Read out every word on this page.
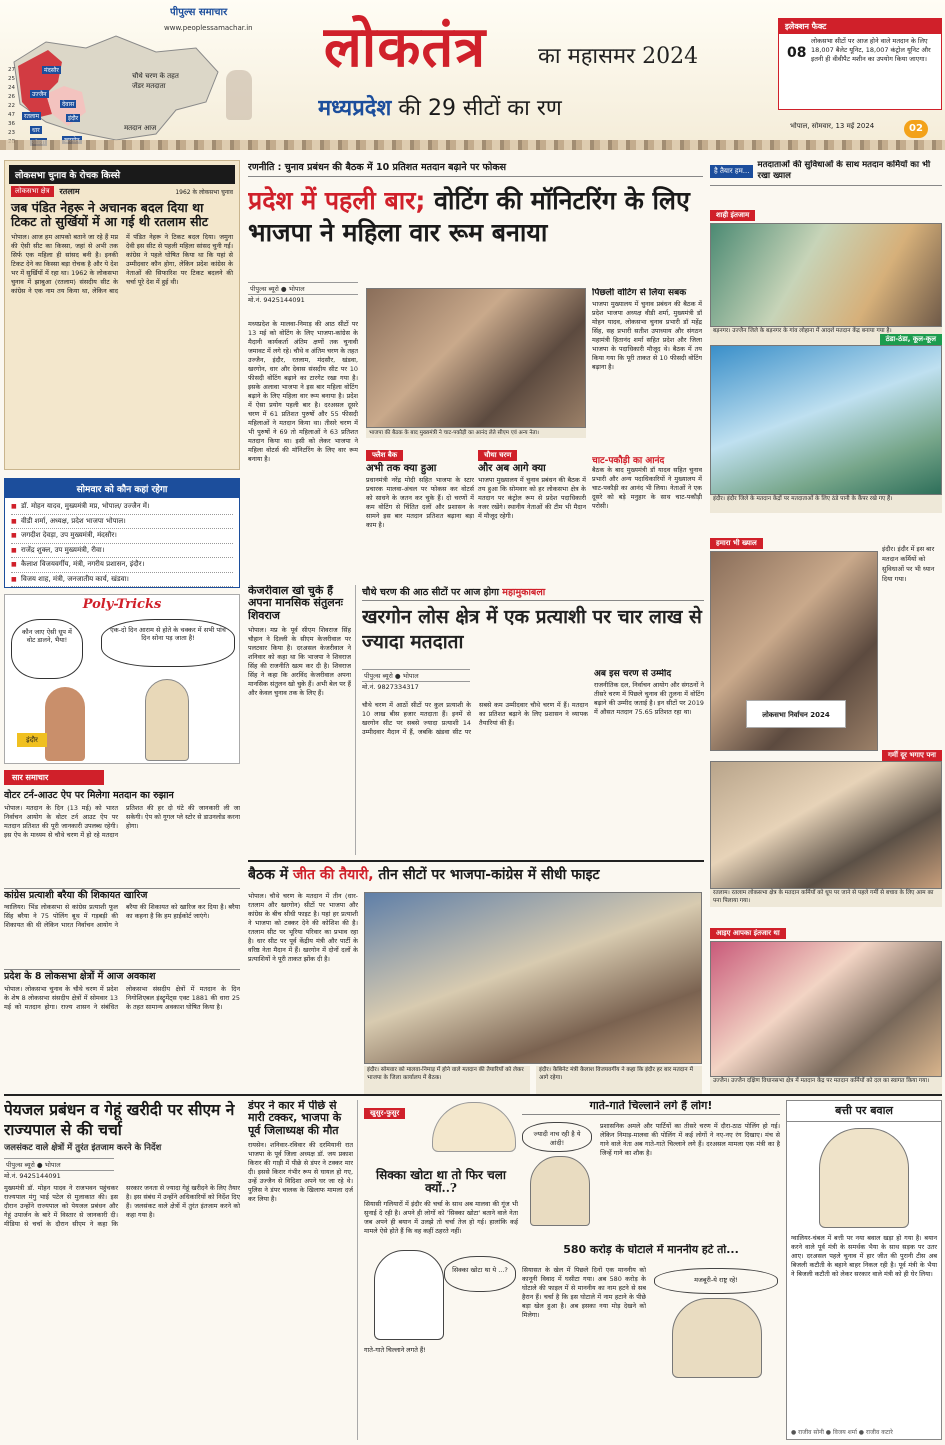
मंदसौर
उज्जैन
देवास
रतलाम	इंदौर
धार
27
25
24
26
22
47
36
23
चौथे चरण के तहत
जेंडर मतदाता
मतदान आज
पीपुल्स समाचार
www.peoplessamachar.in	लोकतंत्र	का महासमर 2024
मध्यप्रदेश की 29 सीटों का रण
इलेक्शन फैक्ट
08
लोकसभा सीटों पर आज होने वाले मतदान के लिए 18,007 बैलेट यूनिट, 18,007 कंट्रोल यूनिट और इतनी ही वीवीपैट मशीन का उपयोग किया जाएगा।
भोपाल, सोमवार, 13 मई 2024	02
लोकसभा चुनाव के रोचक किस्से
लोकसभा क्षेत्र	रतलाम	1962 के लोकसभा चुनाव
जब पंडित नेहरू ने अचानक बदल दिया था टिकट तो सुर्खियों में आ गई थी रतलाम सीट
भोपाल। आज हम आपको बताने जा रहे हैं मप्र की ऐसी सीट का किस्सा, जहां से अभी तक सिर्फ एक महिला ही सांसद बनी है। इनकी टिकट देने का किस्सा बड़ा रोचक है और ये देश भर में सुर्खियों में रहा था। 1962 के लोकसभा चुनाव में झाबुआ (रतलाम) संसदीय सीट के कांग्रेस ने एक नाम तय किया था, लेकिन बाद में पंडित नेहरू ने टिकट बदल दिया। जमुना देवी इस सीट से पहली महिला सांसद चुनी गईं। कांग्रेस ने पहले घोषित किया था कि यहां से उम्मीदवार कौन होगा, लेकिन प्रदेश कांग्रेस के नेताओं की सिफारिश पर टिकट बदलने की चर्चा पूरे देश में हुई थी।
सोमवार को कौन कहां रहेगा
■ डॉ. मोहन यादव, मुख्यमंत्री मप्र, भोपाल/ उज्जैन में।
■ वीडी शर्मा, अध्यक्ष, प्रदेश भाजपा भोपाल।
■ जगदीश देवड़ा, उप मुख्यमंत्री, मंदसौर।
■ राजेंद्र शुक्ल, उप मुख्यमंत्री, रीवा।
■ कैलाश विजयवर्गीय, मंत्री, नगरीय प्रशासन, इंदौर।
■ विजय शाह, मंत्री, जनजातीय कार्य, खंडवा।
Poly-Tricks
कौन जाए ऐसी धूप में वोट डालने, भैया!
एक-दो दिन आराम से होते के चक्कर में सभी पांच दिन सोना पड़ जाता है!
इंदौर
सार समाचार
वोटर टर्न-आउट ऐप पर मिलेगा मतदान का रुझान
भोपाल। मतदान के दिन (13 मई) को भारत निर्वाचन आयोग के वोटर टर्न आउट ऐप पर मतदान प्रतिशत की पूरी जानकारी उपलब्ध रहेगी। इस ऐप के माध्यम से चौथे चरण में हो रहे मतदान प्रतिशत की हर दो घंटे की जानकारी ली जा सकेगी। ऐप को गूगल प्ले स्टोर से डाउनलोड करना होगा।
कांग्रेस प्रत्याशी बरैया की शिकायत खारिज
ग्वालियर। भिंड लोकसभा से कांग्रेस प्रत्याशी फूल सिंह बरैया ने 75 पोलिंग बूथ में गड़बड़ी की शिकायत की थी लेकिन भारत निर्वाचन आयोग ने बरैया की शिकायत को खारिज कर दिया है। बरैया का कहना है कि हम हाईकोर्ट जाएंगे।
प्रदेश के 8 लोकसभा क्षेत्रों में आज अवकाश
भोपाल। लोकसभा चुनाव के चौथे चरण में प्रदेश के शेष 8 लोकसभा संसदीय क्षेत्रों में सोमवार 13 मई को मतदान होगा। राज्य शासन ने संबंधित लोकसभा संसदीय क्षेत्रों में मतदान के दिन निगोशिएबल इंस्ट्रूमेंट्स एक्ट 1881 की धारा 25 के तहत सामान्य अवकाश घोषित किया है।
रणनीति : चुनाव प्रबंधन की बैठक में 10 प्रतिशत मतदान बढ़ाने पर फोकस
प्रदेश में पहली बार; वोटिंग की मॉनिटरिंग के लिए भाजपा ने महिला वार रूम बनाया
पीपुल्स ब्यूरो ● भोपाल
मो.नं. 9425144091
मध्यप्रदेश के मालवा-निमाड़ की आठ सीटों पर 13 मई को वोटिंग के लिए भाजपा-कांग्रेस के मैदानी कार्यकर्ता अंतिम क्षणों तक चुनावी जमावट में लगे रहे। चौथे व अंतिम चरण के तहत उज्जैन, इंदौर, रतलाम, मंदसौर, खंडवा, खरगोन, धार और देवास संसदीय सीट पर 10 फीसदी वोटिंग बढ़ाने का टारगेट रखा गया है। इसके अलावा भाजपा ने इस बार महिला वोटिंग बढ़ाने के लिए महिला वार रूम बनाया है। प्रदेश में ऐसा प्रयोग पहली बार है। दरअसल दूसरे चरण में 61 प्रतिशत पुरुषों और 55 फीसदी महिलाओं ने मतदान किया था। तीसरे चरण में भी पुरुषों ने 69 तो महिलाओं ने 63 प्रतिशत मतदान किया था। इसी को लेकर भाजपा ने महिला वोटर्स की मॉनिटरिंग के लिए वार रूम बनाया है।
भाजपा की बैठक के बाद मुख्यमंत्री ने चाट-पकौड़ी का आनंद लेते सीएम एवं अन्य नेता।
फ्लैश बैक
अभी तक क्या हुआ
प्रधानमंत्री नरेंद्र मोदी सहित भाजपा के स्टार प्रचारक मालवा-अंचल पर फोकस कर वोटर्स को साधने के जतन कर चुके हैं। दो चरणों में कम वोटिंग से चिंतित दलों और प्रशासन के सामने इस बार मतदान प्रतिशत बढ़ाना बड़ा काम है।
चौथा चरण
और अब आगे क्या
भाजपा मुख्यालय में चुनाव प्रबंधन की बैठक में तय हुआ कि सोमवार को हर लोकसभा क्षेत्र के मतदान पर कंट्रोल रूम से प्रदेश पदाधिकारी नजर रखेंगे। स्थानीय नेताओं की टीम भी मैदान में मौजूद रहेगी।
पिछली वोटिंग से लिया सबक
भाजपा मुख्यालय में चुनाव प्रबंधन की बैठक में प्रदेश भाजपा अध्यक्ष वीडी शर्मा, मुख्यमंत्री डॉ मोहन यादव, लोकसभा चुनाव प्रभारी डॉ महेंद्र सिंह, सह प्रभारी सतीश उपाध्याय और संगठन महामंत्री हितानंद शर्मा सहित प्रदेश और जिला भाजपा के पदाधिकारी मौजूद थे। बैठक में तय किया गया कि पूरी ताकत से 10 फीसदी वोटिंग बढ़ाना है।
चाट-पकौड़ी का आनंद
बैठक के बाद मुख्यमंत्री डॉ यादव सहित चुनाव प्रभारी और अन्य पदाधिकारियों ने मुख्यालय में चाट-पकौड़ी का आनंद भी लिया। नेताओं ने एक दूसरे को बड़े मनुहार के साथ चाट-पकौड़ी परोसी।
केजरीवाल खो चुके हैं अपना मानसिक संतुलनः शिवराज
भोपाल। मप्र के पूर्व सीएम शिवराज सिंह चौहान ने दिल्ली के सीएम केजरीवाल पर पलटवार किया है। दरअसल केजरीवाल ने शनिवार को कहा था कि भाजपा ने शिवराज सिंह की राजनीति खत्म कर दी है। शिवराज सिंह ने कहा कि अरविंद केजरीवाल अपना मानसिक संतुलन खो चुके हैं। अभी बेल पर हैं और केवल चुनाव तक के लिए हैं।
चौथे चरण की आठ सीटों पर आज होगा महामुकाबला
खरगोन लोस क्षेत्र में एक प्रत्याशी पर चार लाख से ज्यादा मतदाता
पीपुल्स ब्यूरो ● भोपाल
मो.नं. 9827334317
चौथे चरण में आठों सीटों पर कुल प्रत्याशी के 10 लाख बीस हजार मतदाता हैं। इनमें से खरगोन सीट पर सबसे ज्यादा प्रत्याशी 14 उम्मीदवार मैदान में हैं, जबकि खंडवा सीट पर सबसे कम उम्मीदवार चौथे चरण में हैं। मतदान का प्रतिशत बढ़ाने के लिए प्रशासन ने व्यापक तैयारियां की हैं।
अब इस चरण से उम्मीद
राजनीतिक दल, निर्वाचन आयोग और संगठनों ने तीसरे चरण में पिछले चुनाव की तुलना में वोटिंग बढ़ाने की उम्मीद जताई है। इन सीटों पर 2019 में औसत मतदान 75.65 प्रतिशत रहा था।
बैठक में जीत की तैयारी, तीन सीटों पर भाजपा-कांग्रेस में सीधी फाइट
भोपाल। चौथे चरण के मतदान में तीन (धार-रतलाम और खरगोन) सीटों पर भाजपा और कांग्रेस के बीच सीधी फाइट है। यहां हर प्रत्याशी ने भाजपा को टक्कर देने की कोशिश की है। रतलाम सीट पर भूरिया परिवार का प्रभाव रहा है। धार सीट पर पूर्व केंद्रीय मंत्री और पार्टी के वरिष्ठ नेता मैदान में हैं। खरगोन में दोनों दलों के प्रत्याशियों ने पूरी ताकत झोंक दी है।
इंदौर। सोमवार को मालवा-निमाड़ में होने वाले मतदान की तैयारियों को लेकर भाजपा के जिला कार्यालय में बैठक।
इंदौर। कैबिनेट मंत्री कैलाश विजयवर्गीय ने कहा कि इंदौर हर बार मतदान में आगे रहेगा।
है तैयार हम...
मतदाताओं की सुविधाओं के साथ मतदान कर्मियों का भी रखा ख्याल
शाही इंतजाम
बड़नगर। उज्जैन जिले के बड़नगर के गांव लोहाना में आदर्श मतदान केंद्र बनाया गया है।
ठंडा-ठंडा, कूल-कूल
इंदौर। इंदौर जिले के मतदान केंद्रों पर मतदाताओं के लिए ठंडे पानी के कैंपर रखे गए हैं।
हमारा भी ख्याल
इंदौर। इंदौर में इस बार मतदान कर्मियों को सुविधाओं पर भी ध्यान दिया गया।
लोकसभा निर्वाचन 2024
गर्मी दूर भगाए पना
रतलाम। रतलाम लोकसभा क्षेत्र के मतदान कर्मियों को धूप पर जाने से पहले गर्मी से बचाव के लिए आम का पना पिलाया गया।
आइए आपका इंतजार था
उज्जैन। उज्जैन दक्षिण विधानसभा क्षेत्र में मतदान केंद्र पर मतदान कर्मियों को दल का स्वागत किया गया।
पेयजल प्रबंधन व गेहूं खरीदी पर सीएम ने राज्यपाल से की चर्चा
जलसंकट वाले क्षेत्रों में तुरंत इंतजाम करने के निर्देश
पीपुल्स ब्यूरो ● भोपाल
मो.नं. 9425144091
मुख्यमंत्री डॉ. मोहन यादव ने राजभवन पहुंचकर राज्यपाल मंगु भाई पटेल से मुलाकात की। इस दौरान उन्होंने राज्यपाल को पेयजल प्रबंधन और गेहूं उपार्जन के बारे में विस्तार से जानकारी दी। मीडिया से चर्चा के दौरान सीएम ने कहा कि सरकार जनता से ज्यादा गेहूं खरीदने के लिए तैयार है। इस संबंध में उन्होंने अधिकारियों को निर्देश दिए हैं। जलसंकट वाले क्षेत्रों में तुरंत इंतजाम करने को कहा गया है।
डंपर ने कार में पीछे से मारी टक्कर, भाजपा के पूर्व जिलाध्यक्ष की मौत
रायसेन। शनिवार-रविवार की दरमियानी रात भाजपा के पूर्व जिला अध्यक्ष डॉ. जय प्रकाश किरार की गाड़ी में पीछे से डंपर ने टक्कर मार दी। इससे किरार गंभीर रूप से घायल हो गए, उन्हें उज्जैन से विदिशा अपने घर जा रहे थे। पुलिस ने डंपर चालक के खिलाफ मामला दर्ज कर लिया है।
खुसुर-फुसुर
सिक्का खोटा था तो फिर चला क्यों..?
सियासी गलियारों में इंदौर की चर्चा के साथ अब मालवा की गूंज भी सुनाई दे रही है। अपने ही लोगों को 'सिक्का खोटा' बताने वाले नेता जब अपने ही बयान में उलझे तो चर्चा तेज हो गई। हालांकि कई मामले ऐसे होते हैं कि वह कहीं ठहरते नहीं।
सिक्का खोटा था ये ...?
गाते-गाते चिल्लाने लगते हैं!
गाते-गाते चिल्लाने लगे हैं लोग!
ज्यादी नाच रही है ये आंदी!
प्रशासनिक अमले और पार्टियों का तीसरे चरण में दौरा-ठाठ पोलिंग हो गई। लेकिन निमाड़-मालवा की पोलिंग में कई लोगों ने नए-नए रंग दिखाए। मंच से गाने वाले नेता अब गाते-गाते चिल्लाने लगे हैं। दरअसल मामला एक मंत्री का है जिन्हें गाने का शौक है।
580 करोड़ के घोटाले में माननीय हटे तो...
सियासत के खेल में पिछले दिनों एक माननीय को कानूनी विवाद में घसीटा गया। अब 580 करोड़ के घोटाले की फाइल में से माननीय का नाम हटने से सब हैरान हैं। चर्चा है कि इस घोटाले में नाम हटाने के पीछे बड़ा खेल हुआ है। अब इसका नया मोड़ देखने को मिलेगा।
मजबूरी-ये राष्ट्र रहे!
बत्ती पर बवाल
ग्वालियर-चंबल में बत्ती पर नया बवाल खड़ा हो गया है। बयान करने वाले पूर्व मंत्री के समर्थक भैया के साथ सड़क पर उतर आए। दरअसल पहले चुनाव में हार जीत की पुरानी टीस अब बिजली कटौती के बहाने बाहर निकल रही है। पूर्व मंत्री के भैया ने बिजली कटौती को लेकर सरकार वाले मंत्री को ही घेर लिया।
● राजीव सोनी ● विजय शर्मा ● राजीव कटारे
